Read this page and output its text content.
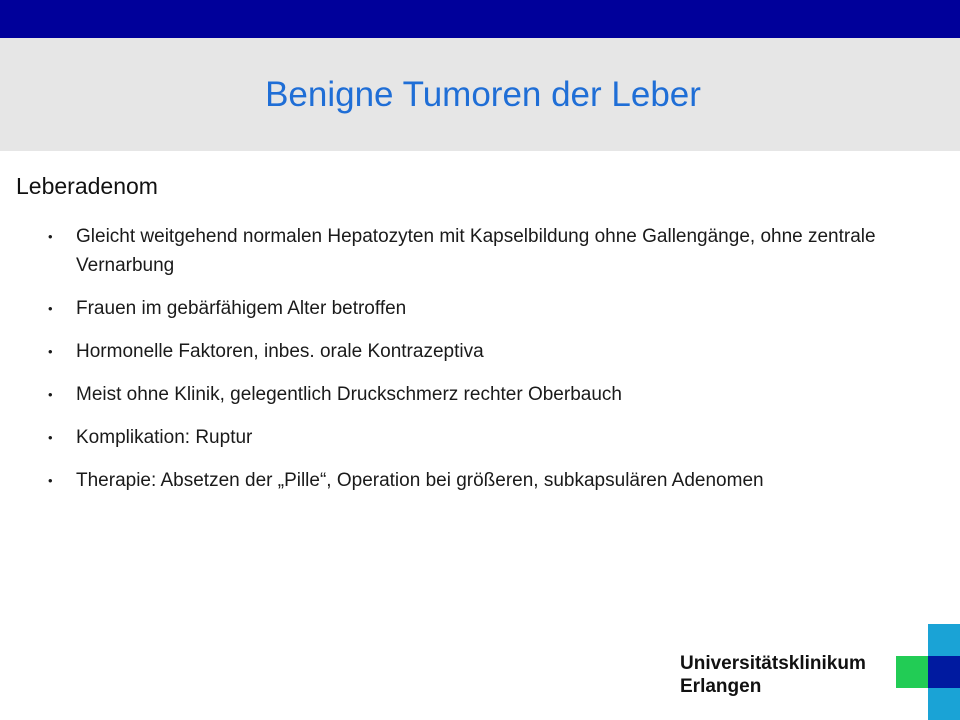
Benigne Tumoren der Leber
Leberadenom
• Gleicht weitgehend normalen Hepatozyten mit Kapselbildung ohne Gallengänge, ohne zentrale Vernarbung
• Frauen im gebärfähigem Alter betroffen
• Hormonelle Faktoren, inbes. orale Kontrazeptiva
• Meist ohne Klinik, gelegentlich Druckschmerz rechter Oberbauch
• Komplikation: Ruptur
• Therapie: Absetzen der „Pille“, Operation bei größeren, subkapsulären Adenomen
Universitätsklinikum
Erlangen
